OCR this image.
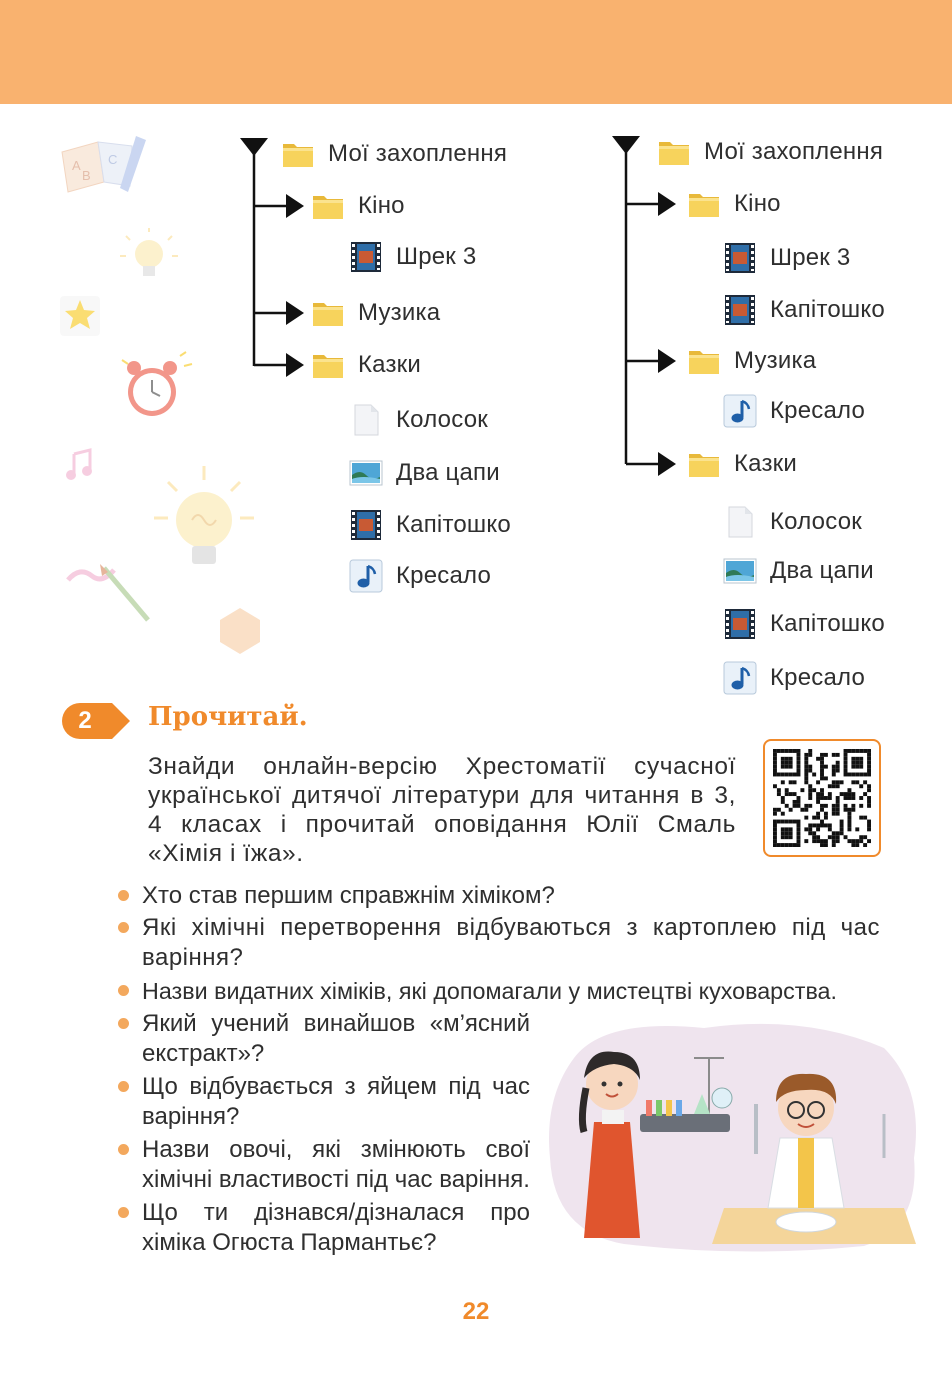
A
B
C	Мої захоплення
Кіно
Шрек 3
Музика
Казки
Колосок
Два цапи
Капітошко
Кресало
Мої захоплення
Кіно
Шрек 3
Капітошко
Музика
Кресало
Казки
Колосок
Два цапи
Капітошко
Кресало
2 Прочитай.
Знайди онлайн-версію Хрестоматії сучасної української дитячої літератури для читання в 3, 4 класах і прочитай оповідання Юлії Смаль «Хімія і їжа».
Хто став першим справжнім хіміком?
Які хімічні перетворення відбуваються з картоплею під час варіння?
Назви видатних хіміків, які допомагали у мистецтві куховарства.
Який учений винайшов «м’ясний екстракт»?
Що відбувається з яйцем під час варіння?
Назви овочі, які змінюють свої хімічні властивості під час варіння.
Що ти дізнався/дізналася про хіміка Огюста Пармантьє?
22
